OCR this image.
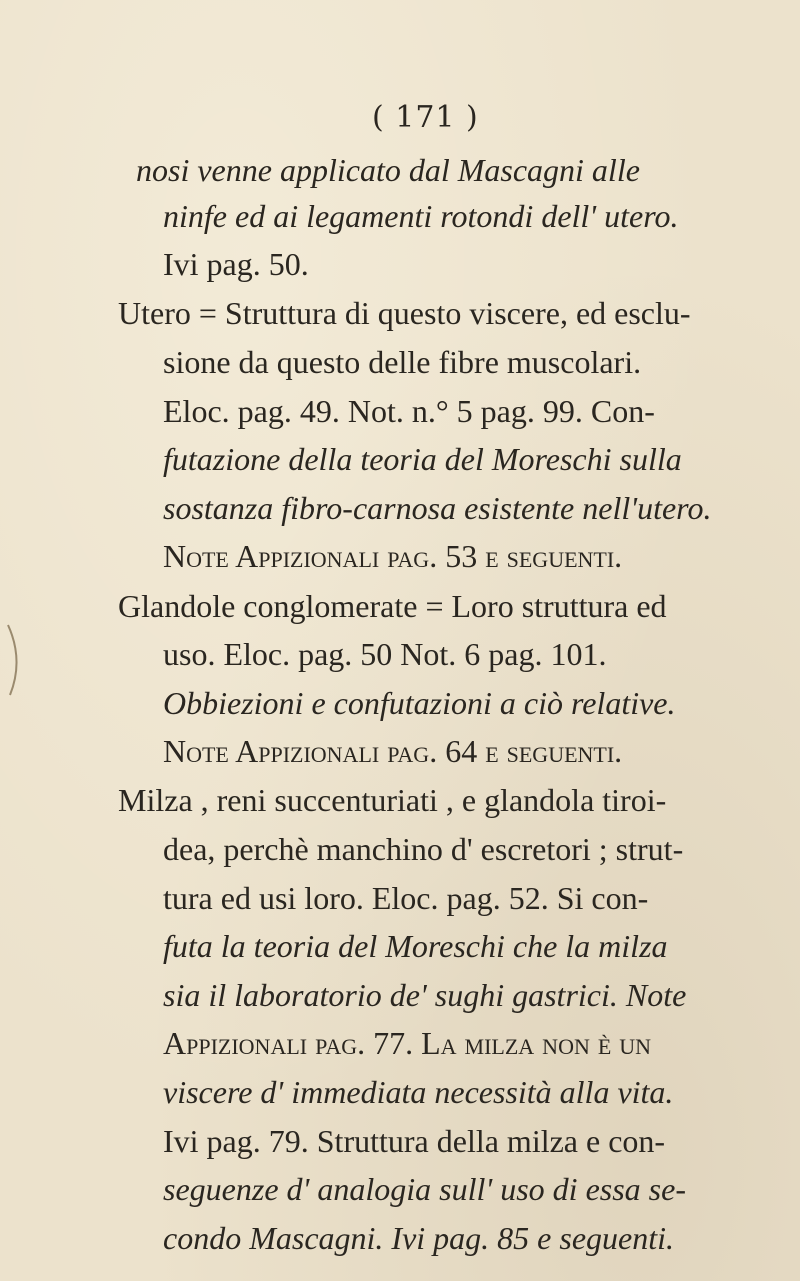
( 171 )
nosi venne applicato dal Mascagni alle
ninfe ed ai legamenti rotondi dell' utero.
Ivi pag. 50.
Utero = Struttura di questo viscere, ed esclu-
sione da questo delle fibre muscolari.
Eloc. pag. 49. Not. n.° 5 pag. 99. Con-
futazione della teoria del Moreschi sulla
sostanza fibro-carnosa esistente nell'utero.
Note Appizionali pag. 53 e seguenti.
Glandole conglomerate = Loro struttura ed
uso. Eloc. pag. 50 Not. 6 pag. 101.
Obbiezioni e confutazioni a ciò relative.
Note Appizionali pag. 64 e seguenti.
Milza , reni succenturiati , e glandola tiroi-
dea, perchè manchino d' escretori ; strut-
tura ed usi loro. Eloc. pag. 52. Si con-
futa la teoria del Moreschi che la milza
sia il laboratorio de' sughi gastrici. Note
Appizionali pag. 77. La milza non è un
viscere d' immediata necessità alla vita.
Ivi pag. 79. Struttura della milza e con-
seguenze d' analogia sull' uso di essa se-
condo Mascagni. Ivi pag. 85 e seguenti.
